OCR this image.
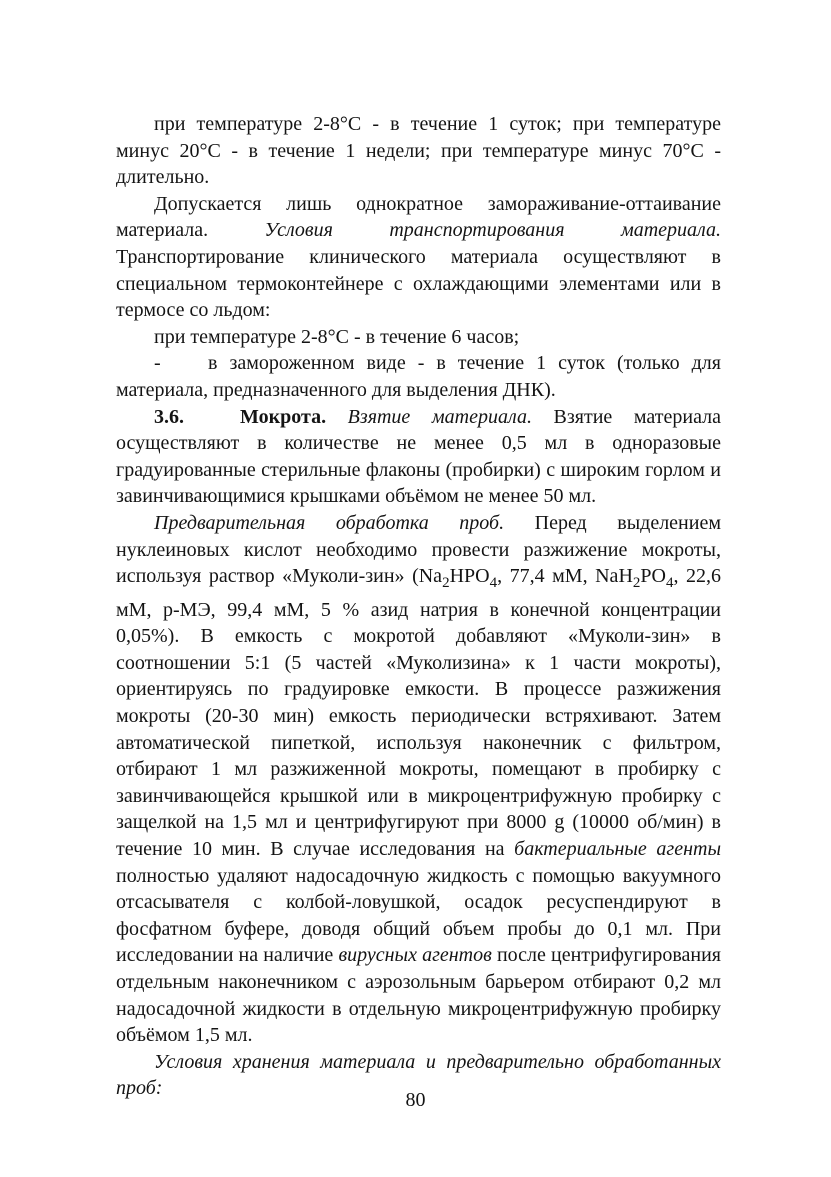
при температуре 2-8°С - в течение 1 суток; при температуре минус 20°С - в течение 1 недели; при температуре минус 70°С - длительно.

Допускается лишь однократное замораживание-оттаивание материала.	Условия транспортирования материала. Транспортирование клинического материала осуществляют в специальном термоконтейнере с охлаждающими элементами или в термосе со льдом:

при температуре 2-8°С - в течение 6 часов;

- в замороженном виде - в течение 1 суток (только для материала, предназначенного для выделения ДНК).

3.6.	Мокрота. Взятие материала. Взятие материала осуществляют в количестве не менее 0,5 мл в одноразовые градуированные стерильные флаконы (пробирки) с широким горлом и завинчивающимися крышками объёмом не менее 50 мл.

Предварительная обработка проб. Перед выделением нуклеиновых кислот необходимо провести разжижение мокроты, используя раствор «Муколи-зин» ($Na_2HPO_4$, 77,4 мМ, $NaH_2PO_4$, 22,6 мМ, р-МЭ, 99,4 мМ, 5 % азид натрия в конечной концентрации 0,05%). В емкость с мокротой добавляют «Муколи-зин» в соотношении 5:1 (5 частей «Муколизина» к 1 части мокроты), ориентируясь по градуировке емкости. В процессе разжижения мокроты (20-30 мин) емкость периодически встряхивают. Затем автоматической пипеткой, используя наконечник с фильтром, отбирают 1 мл разжиженной мокроты, помещают в пробирку с завинчивающейся крышкой или в микроцентрифужную пробирку с защелкой на 1,5 мл и центрифугируют при 8000 g (10000 об/мин) в течение 10 мин. В случае исследования на бактериальные агенты полностью удаляют надосадочную жидкость с помощью вакуумного отсасывателя с колбой-ловушкой, осадок ресуспендируют в фосфатном буфере, доводя общий объем пробы до 0,1 мл. При исследовании на наличие вирусных агентов после центрифугирования отдельным наконечником с аэрозольным барьером отбирают 0,2 мл надосадочной жидкости в отдельную микроцентрифужную пробирку объёмом 1,5 мл.

Условия хранения материала и предварительно обработанных проб:

80
